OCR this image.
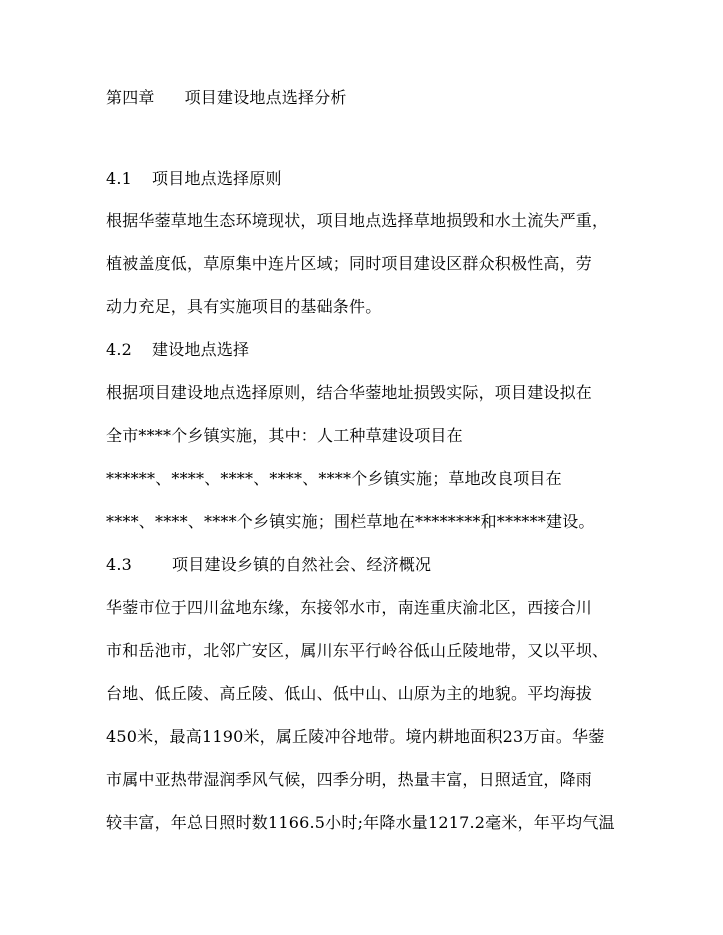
第四章 项目建设地点选择分析
4.1 项目地点选择原则
根据华蓥草地生态环境现状，项目地点选择草地损毁和水土流失严重，
植被盖度低，草原集中连片区域；同时项目建设区群众积极性高，劳
动力充足，具有实施项目的基础条件。
4.2 建设地点选择
根据项目建设地点选择原则，结合华蓥地址损毁实际，项目建设拟在
全市****个乡镇实施，其中：人工种草建设项目在
******、****、****、****、****个乡镇实施；草地改良项目在
****、****、****个乡镇实施；围栏草地在********和******建设。
4.3	项目建设乡镇的自然社会、经济概况
华蓥市位于四川盆地东缘，东接邻水市，南连重庆渝北区，西接合川
市和岳池市，北邻广安区，属川东平行岭谷低山丘陵地带，又以平坝、
台地、低丘陵、高丘陵、低山、低中山、山原为主的地貌。平均海拔
450米，最高1190米，属丘陵冲谷地带。境内耕地面积23万亩。华蓥
市属中亚热带湿润季风气候，四季分明，热量丰富，日照适宜，降雨
较丰富，年总日照时数1166.5小时;年降水量1217.2毫米，年平均气温
